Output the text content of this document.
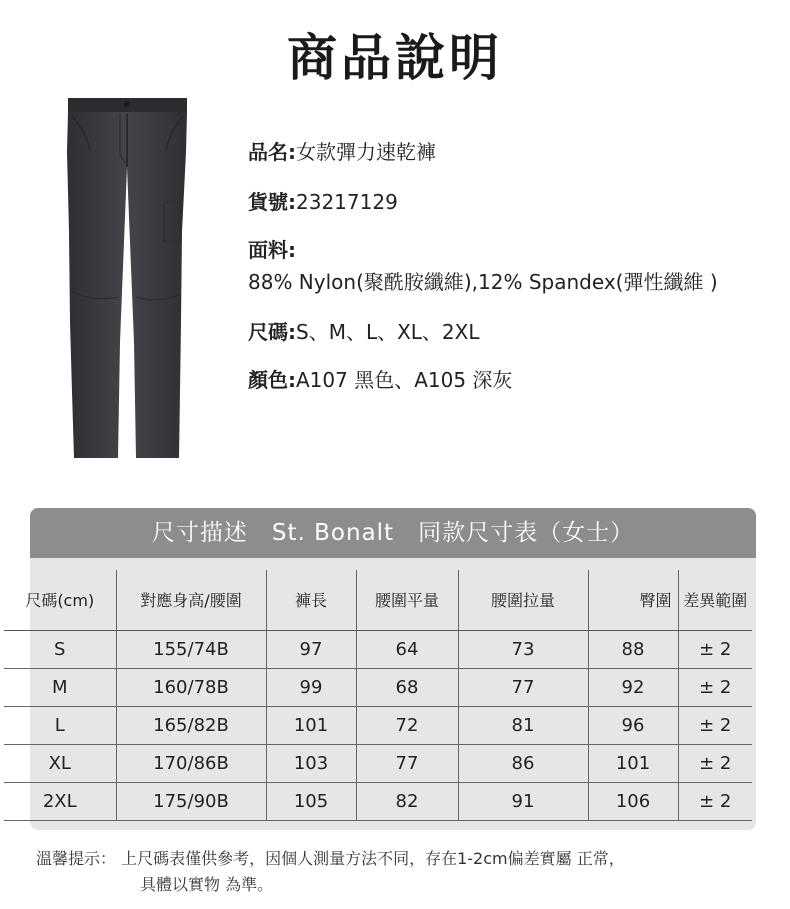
商品說明
品名:女款彈力速乾褲
貨號:23217129
面料:
88% Nylon(聚酰胺纖維),12% Spandex(彈性纖維 )
尺碼:S、M、L、XL、2XL
顏色:A107 黑色、A105 深灰
尺寸描述　St. Bonalt　同款尺寸表（女士）
尺碼(cm)	對應身高/腰圍	褲長	腰圍平量	腰圍拉量	臀圍	差異範圍
S	155/74B	97	64	73	88	± 2
M	160/78B	99	68	77	92	± 2
L	165/82B	101	72	81	96	± 2
XL	170/86B	103	77	86	101	± 2
2XL	175/90B	105	82	91	106	± 2
溫馨提示： 上尺碼表僅供參考，因個人測量方法不同，存在1-2cm偏差實屬 正常，
具體以實物 為準。
